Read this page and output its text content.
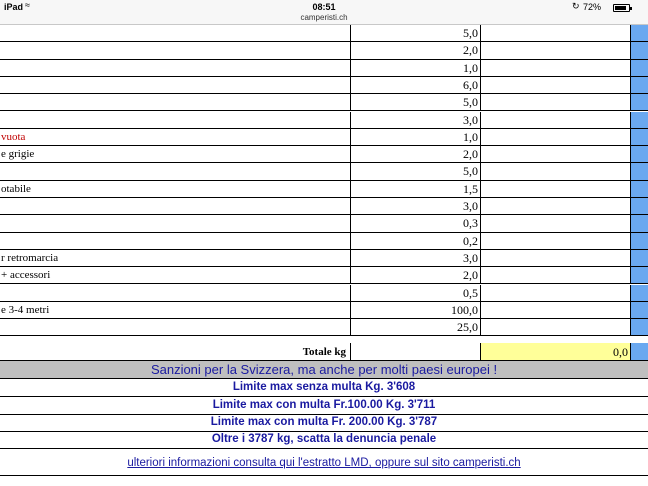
iPad ≈	08:51
camperisti.ch
↻ 72%
5,0
2,0
1,0
6,0
5,0
3,0
vuota	1,0
e grigie	2,0
5,0
otabile	1,5
3,0
0,3
0,2
r retromarcia	3,0
+ accessori	2,0
0,5
e 3-4 metri	100,0
25,0
Totale kg	0,0
Sanzioni per la Svizzera, ma anche per molti paesi europei !
Limite max senza multa Kg. 3'608
Limite max con multa Fr.100.00 Kg. 3'711
Limite max con multa Fr. 200.00 Kg. 3'787
Oltre i 3787 kg, scatta la denuncia penale
ulteriori informazioni consulta qui l'estratto LMD, oppure sul sito camperisti.ch
